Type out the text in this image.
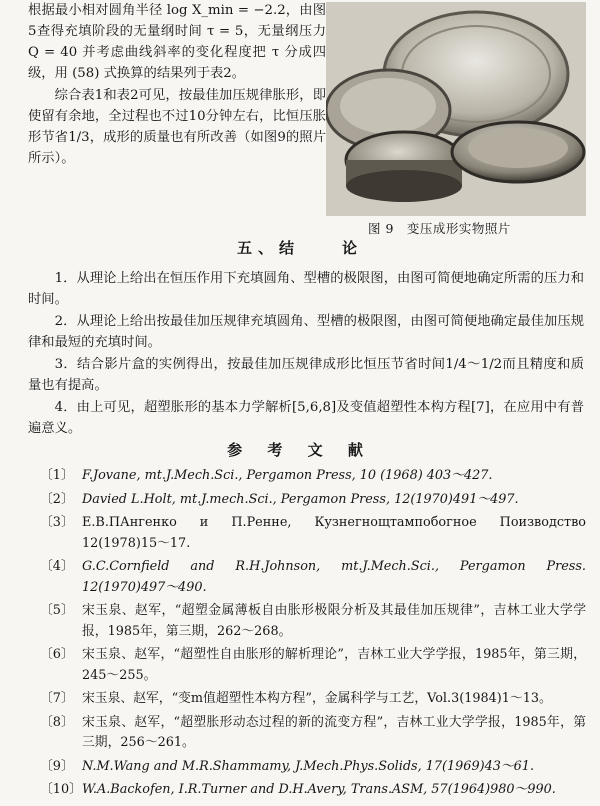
根据最小相对圆角半径 log X_min = −2.2，由图5查得充填阶段的无量纲时间 τ = 5，无量纲压力 Q = 40 并考虑曲线斜率的变化程度把 τ 分成四级，用 (58) 式换算的结果列于表2。

综合表1和表2可见，按最佳加压规律胀形，即使留有余地，全过程也不过10分钟左右，比恒压胀形节省1/3，成形的质量也有所改善（如图9的照片所示）。

图 9　变压成形实物照片
五、结　　论

1．从理论上给出在恒压作用下充填圆角、型槽的极限图，由图可简便地确定所需的压力和时间。

2．从理论上给出按最佳加压规律充填圆角、型槽的极限图，由图可简便地确定最佳加压规律和最短的充填时间。

3．结合影片盒的实例得出，按最佳加压规律成形比恒压节省时间1/4～1/2而且精度和质量也有提高。

4．由上可见，超塑胀形的基本力学解析[5,6,8]及变值超塑性本构方程[7]，在应用中有普遍意义。

参 考 文 献
〔1〕 F.Jovane, mt.J.Mech.Sci., Pergamon Press, 10 (1968) 403～427.
〔2〕 Davied L.Holt, mt.J.mech.Sci., Pergamon Press, 12(1970)491～497.
〔3〕 Е.В.ПАнгенко и П.Ренне, Кузнегнощтампобогное Поизводство 12(1978)15～17.
〔4〕 G.C.Cornfield and R.H.Johnson, mt.J.Mech.Sci., Pergamon Press. 12(1970)497～490.
〔5〕 宋玉泉、赵军，“超塑金属薄板自由胀形极限分析及其最佳加压规律”，吉林工业大学学报，1985年，第三期，262～268。
〔6〕 宋玉泉、赵军，“超塑性自由胀形的解析理论”，吉林工业大学学报，1985年，第三期，245～255。
〔7〕 宋玉泉、赵军，“变m值超塑性本构方程”，金属科学与工艺，Vol.3(1984)1～13。
〔8〕 宋玉泉、赵军，“超塑胀形动态过程的新的流变方程”，吉林工业大学学报，1985年，第三期，256～261。
〔9〕 N.M.Wang and M.R.Shammamy, J.Mech.Phys.Solids, 17(1969)43～61.
〔10〕 W.A.Backofen, I.R.Turner and D.H.Avery, Trans.ASM, 57(1964)980～990.
